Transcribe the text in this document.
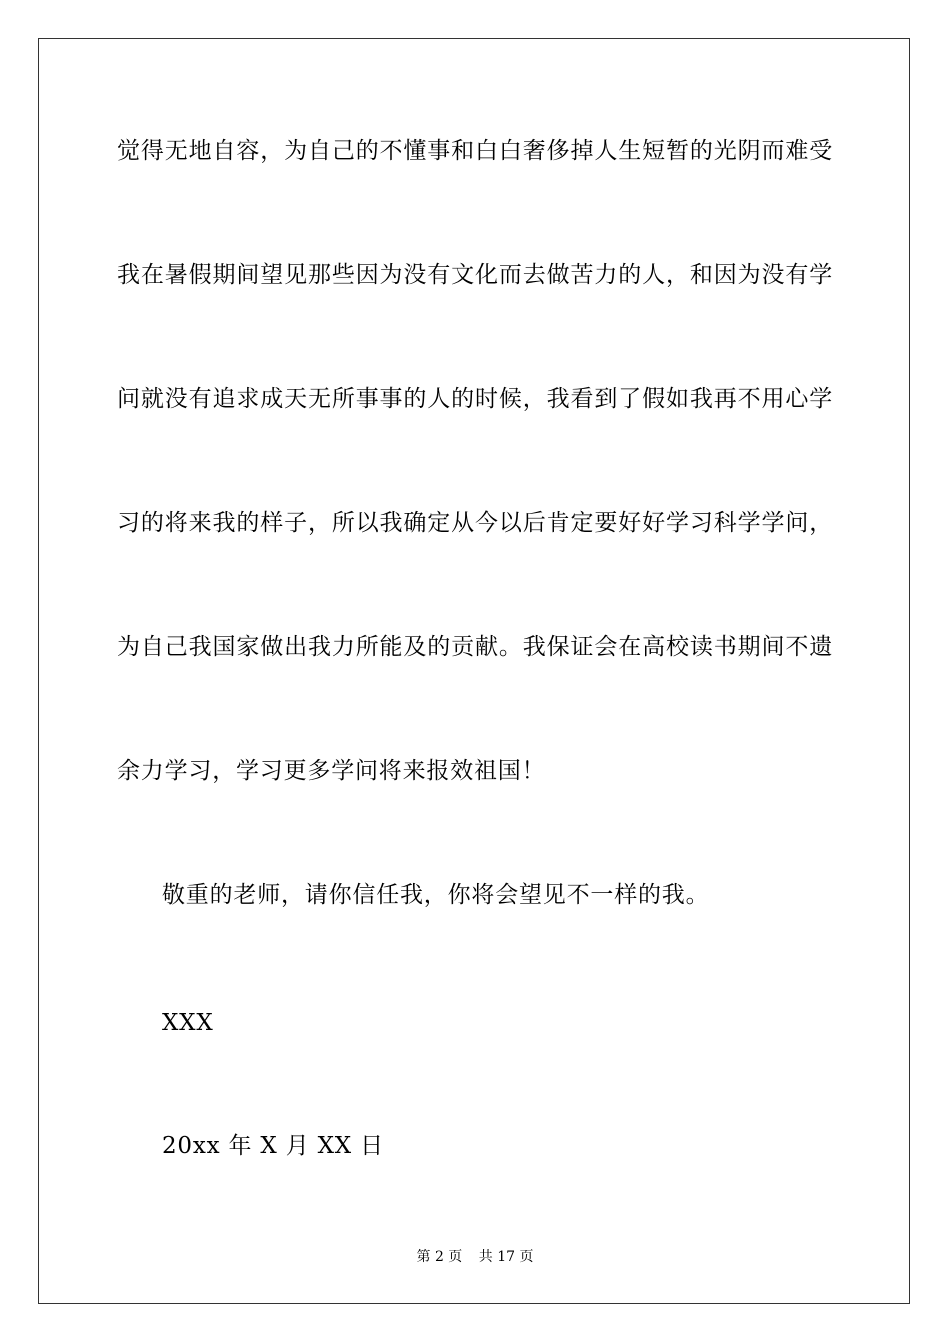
觉得无地自容，为自己的不懂事和白白奢侈掉人生短暂的光阴而难受
我在暑假期间望见那些因为没有文化而去做苦力的人，和因为没有学
问就没有追求成天无所事事的人的时候，我看到了假如我再不用心学
习的将来我的样子，所以我确定从今以后肯定要好好学习科学学问，
为自己我国家做出我力所能及的贡献。我保证会在高校读书期间不遗
余力学习，学习更多学问将来报效祖国！
敬重的老师，请你信任我，你将会望见不一样的我。
XXX
20xx 年 X 月 XX 日
第 2 页 共 17 页
